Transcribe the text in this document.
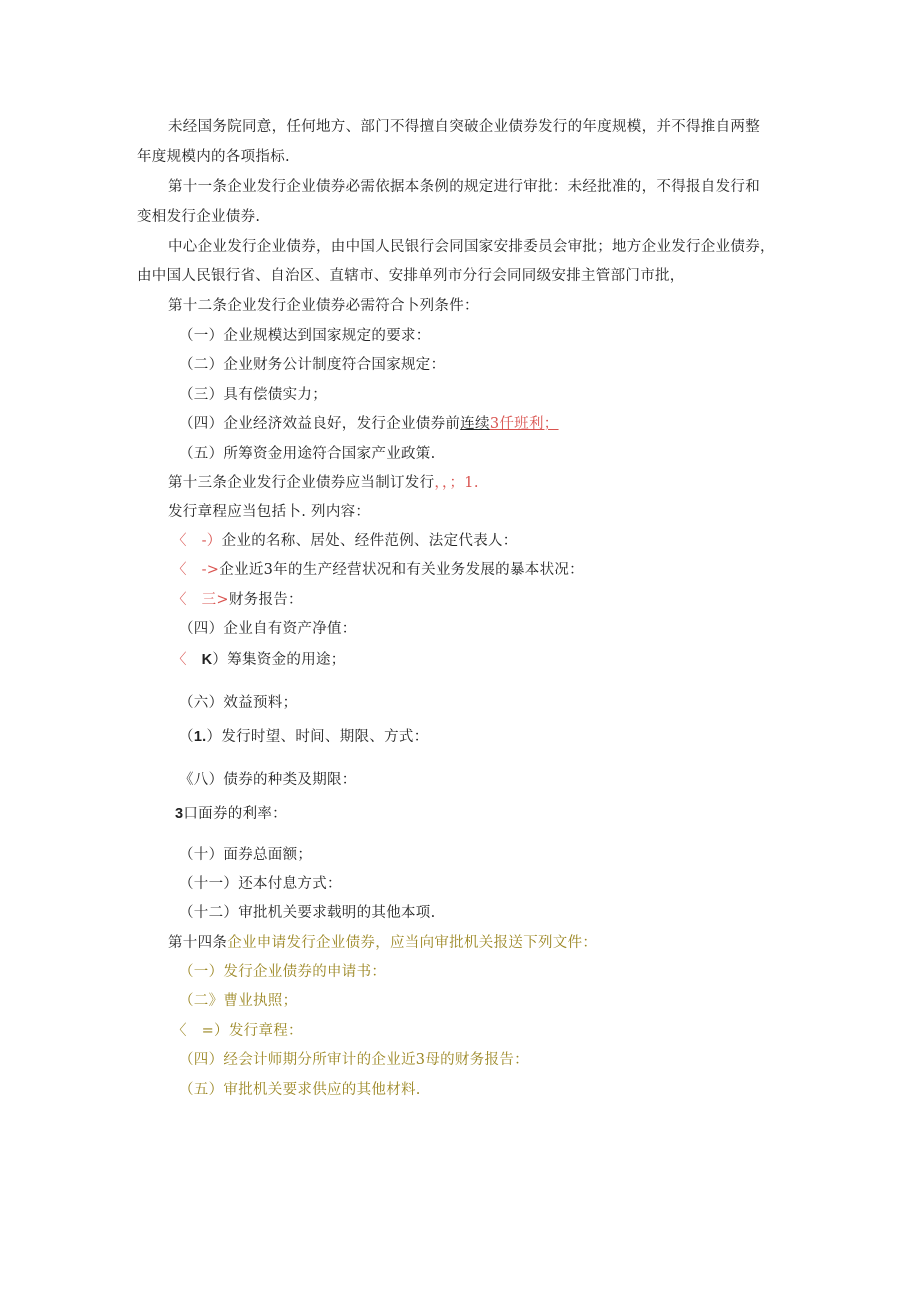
未经国务院同意，任何地方、部门不得擅自突破企业债券发行的年度规模，并不得推自两整
年度规模内的各项指标.
第十一条企业发行企业债券必需依据本条例的规定进行审批：未经批准的，不得报自发行和
变相发行企业债券.
中心企业发行企业债券，由中国人民银行会同国家安排委员会审批；地方企业发行企业债券，
由中国人民银行省、自治区、直辖市、安排单列市分行会同同级安排主管部门市批，
第十二条企业发行企业债券必需符合卜列条件：
（一）企业规模达到国家规定的要求：
（二）企业财务公计制度符合国家规定：
（三）具有偿债实力；
（四）企业经济效益良好，发行企业债券前连续3仟班利；
（五）所筹资金用途符合国家产业政策.
第十三条企业发行企业债券应当制订发行，，；1.
发行章程应当包括卜. 列内容：
〈　-）企业的名称、居处、经件范例、法定代表人：
〈　->企业近3年的生产经营状况和有关业务发展的暴本状况：
〈　三>财务报告：
（四）企业自有资产净值：
〈　K）筹集资金的用途；
（六）效益预料；
（1.）发行时望、时间、期限、方式：
《八）债券的种类及期限：
3口面券的利率：
（十）面券总面额；
（十一）还本付息方式：
（十二）审批机关要求载明的其他本项.
第十四条企业申请发行企业债券，应当向审批机关报送下列文件：
（一）发行企业债券的申请书：
（二》曹业执照；
〈　=）发行章程：
（四）经会计师期分所审计的企业近3母的财务报告：
（五）审批机关要求供应的其他材料.
